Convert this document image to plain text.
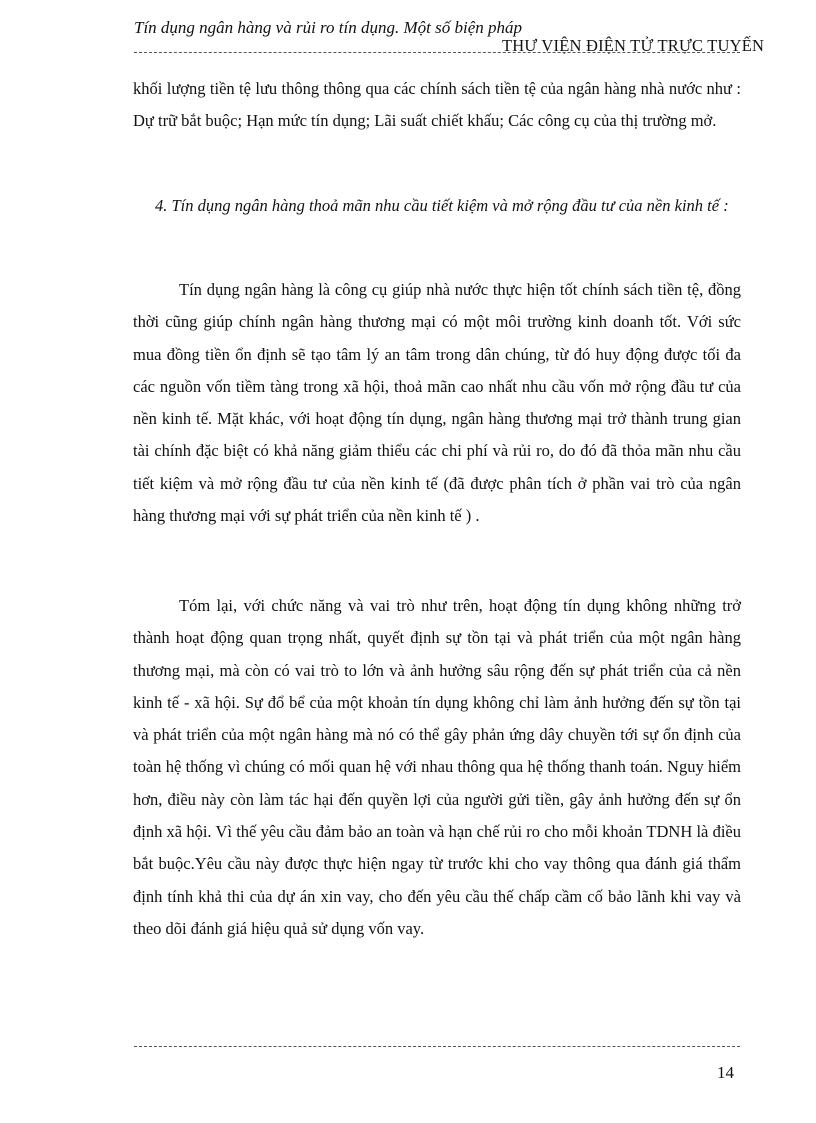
Tín dụng ngân hàng và rủi ro tín dụng. Một số biện pháp
THƯ VIỆN ĐIỆN TỬ TRỰC TUYẾN

khối lượng tiền tệ lưu thông thông qua các chính sách tiền tệ của ngân hàng nhà nước như : Dự trữ bắt buộc; Hạn mức tín dụng; Lãi suất chiết khấu; Các công cụ của thị trường mở.

4. Tín dụng ngân hàng thoả mãn nhu cầu tiết kiệm và mở rộng đầu tư của nền kinh tế :

Tín dụng ngân hàng là công cụ giúp nhà nước thực hiện tốt chính sách tiền tệ, đồng thời cũng giúp chính ngân hàng thương mại có một môi trường kinh doanh tốt. Với sức mua đồng tiền ổn định sẽ tạo tâm lý an tâm trong dân chúng, từ đó huy động được tối đa các nguồn vốn tiềm tàng trong xã hội, thoả mãn cao nhất nhu cầu vốn mở rộng đầu tư của nền kinh tế. Mặt khác, với hoạt động tín dụng, ngân hàng thương mại trở thành trung gian tài chính đặc biệt có khả năng giảm thiểu các chi phí và rủi ro, do đó đã thỏa mãn nhu cầu tiết kiệm và mở rộng đầu tư của nền kinh tế (đã được phân tích ở phần vai trò của ngân hàng thương mại với sự phát triển của nền kinh tế ) .

Tóm lại, với chức năng và vai trò như trên, hoạt động tín dụng không những trở thành hoạt động quan trọng nhất, quyết định sự tồn tại và phát triển của một ngân hàng thương mại, mà còn có vai trò to lớn và ảnh hưởng sâu rộng đến sự phát triển của cả nền kinh tế - xã hội. Sự đổ bể của một khoản tín dụng không chỉ làm ảnh hưởng đến sự tồn tại và phát triển của một ngân hàng mà nó có thể gây phản ứng dây chuyền tới sự ổn định của toàn hệ thống vì chúng có mối quan hệ với nhau thông qua hệ thống thanh toán. Nguy hiểm hơn, điều này còn làm tác hại đến quyền lợi của người gửi tiền, gây ảnh hưởng đến sự ổn định xã hội. Vì thế yêu cầu đảm bảo an toàn và hạn chế rủi ro cho mỗi khoản TDNH là điều bắt buộc.Yêu cầu này được thực hiện ngay từ trước khi cho vay thông qua đánh giá thẩm định tính khả thi của dự án xin vay, cho đến yêu cầu thế chấp cầm cố bảo lãnh khi vay và theo dõi đánh giá hiệu quả sử dụng vốn vay.

14
